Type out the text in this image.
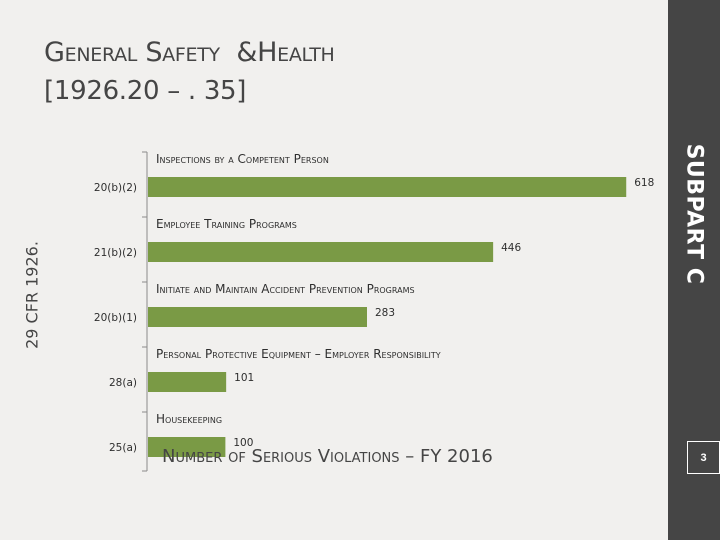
General Safety  &Health
[1926.20 – . 35]
29 CFR 1926.
Inspections by a Competent Person
20(b)(2)	618
Employee Training Programs
21(b)(2)	446
Initiate and Maintain Accident Prevention Programs
20(b)(1)	283
Personal Protective Equipment – Employer Responsibility
28(a)	101
Housekeeping
25(a)	100
Number of Serious Violations – FY 2016
SUBPART C
3
